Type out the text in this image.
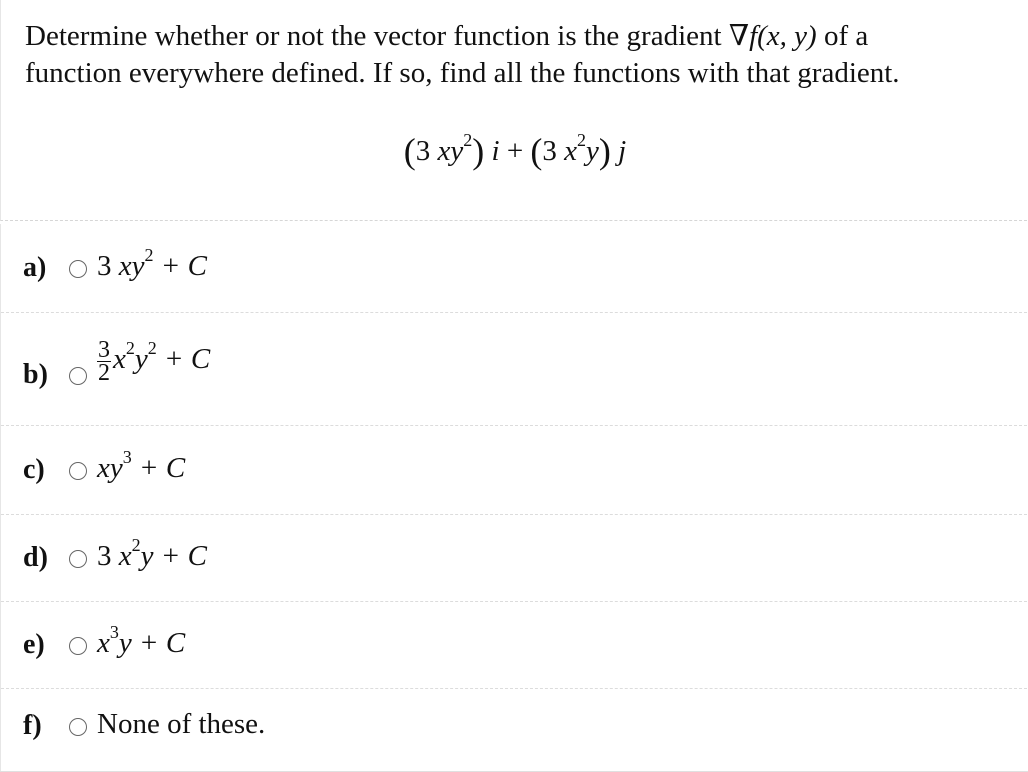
Determine whether or not the vector function is the gradient ∇f(x, y) of a
function everywhere defined. If so, find all the functions with that gradient.
(3 $xy^2$) i + (3 $x^2y$) j
a) 3 $xy^2 + C$
$b) \frac{3}{2} x^2y^2 + C$
c) $xy^3 + C$
d) 3 $x^2y + C$
e) $x^3y + C$
f) None of these.
